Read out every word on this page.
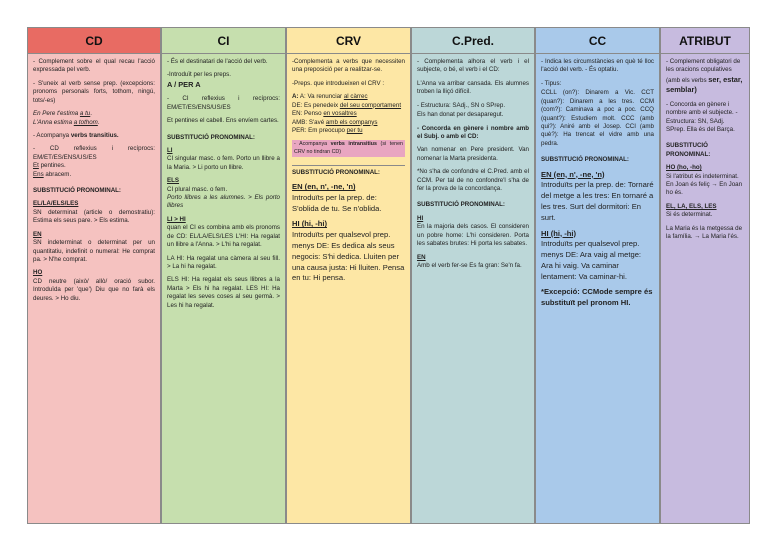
CD

- Complement sobre el qual recau l'acció expressada pel verb.

- S'uneix al verb sense prep. (excepcions: pronoms personals forts, tothom, ningú, tots/-es)

En Pere t'estima a tu.
L'Anna estima a tothom.

- Acompanya verbs transitius.

- CD reflexius i recíprocs: EM/ET/ES/ENS/US/ES
Et pentines.
Ens abracem.

SUBSTITUCIÓ PRONOMINAL:

EL/LA/ELS/LES
SN determinat (article o demostratiu): Estima els seus pare. > Els estima.

EN
SN indeterminat o determinat per un quantitatiu, indefinit o numeral: He comprat pa. > N'he comprat.

HO
CD neutre (això/ allò/ oració subor. Introduïda per 'que') Diu que no farà els deures. > Ho diu.

CI

- És el destinatari de l'acció del verb.

-Introduït per les preps.
A / PER A

- CI reflexius i recíprocs: EM/ET/ES/ENS/US/ES

Et pentines el cabell. Ens envíem cartes.

SUBSTITUCIÓ PRONOMINAL:

LI
CI singular masc. o fem. Porto un llibre a la Maria. > Li porto un llibre.

ELS
CI plural masc. o fem.
Porto llibres a les alumnes. > Els porto llibres

LI > HI
quan el CI es combina amb els pronoms de CD: EL/LA/ELS/LES L'HI: Ha regalat un llibre a l'Anna. > L'hi ha regalat.

LA HI: Ha regalat una càmera al seu fill. > La hi ha regalat.

ELS HI: Ha regalat els seus llibres a la Marta > Els hi ha regalat. LES HI: Ha regalat les seves coses al seu germà. > Les hi ha regalat.

CRV

-Complementa a verbs que necessiten una preposició per a realitzar-se.

-Preps. que introdueixen el CRV :

A: A: Va renunciar al càrrec
DE: Es penedeix del seu comportament
EN: Penso en vosaltres
AMB: S'avé amb els companys
PER: Em preocupo per tu

- Acompanya verbs intransitius (si tenen CRV no tindran CD)

SUBSTITUCIÓ PRONOMINAL:

EN (en, n', -ne, 'n)
Introduïts per la prep. de: S'oblida de tu. Se n'oblida.

HI (hi, -hi)
Introduïts per qualsevol prep. menys DE: Es dedica als seus negocis: S'hi dedica. Lluiten per una causa justa: Hi lluiten. Pensa en tu: Hi pensa.

C.Pred.

- Complementa alhora el verb i el subjecte, o bé, el verb i el CD:

L'Anna va arribar cansada. Els alumnes troben la lliçó difícil.

- Estructura: SAdj., SN o SPrep.

Els han donat per desaparegut.

- Concorda en gènere i nombre amb el Subj. o amb el CD:

Van nomenar en Pere president. Van nomenar la Marta presidenta.

*No s'ha de confondre el C.Pred. amb el CCM. Per tal de no confondre'l s'ha de fer la prova de la concordança.

SUBSTITUCIÓ PRONOMINAL:

HI
En la majoria dels casos. El consideren un pobre home: L'hi consideren. Porta les sabates brutes: Hi porta les sabates.

EN
Amb el verb fer-se Es fa gran: Se'n fa.

CC

- Indica les circumstàncies en què té lloc l'acció del verb. - És optatiu.

- Tipus:

CCLL (on?): Dinarem a Vic. CCT (quan?): Dinarem a les tres. CCM (com?): Caminava a poc a poc. CCQ (quant?): Estudiem molt. CCC (amb qui?): Aniré amb el Josep. CCI (amb què?): Ha trencat el vidre amb una pedra.

SUBSTITUCIÓ PRONOMINAL:

EN (en, n', -ne, 'n)
Introduïts per la prep. de: Tornaré del metge a les tres: En tornaré a les tres. Surt del dormitori: En surt.

HI (hi, -hi)
Introduïts per qualsevol prep. menys DE: Ara vaig al metge: Ara hi vaig. Va caminar lentament: Va caminar-hi.

*Excepció: CCMode sempre és substituït pel pronom HI.

ATRIBUT

- Complement obligatori de les oracions copulatives (amb els verbs ser, estar, semblar)

- Concorda en gènere i nombre amb el subjecte. - Estructura: SN, SAdj. SPrep. Ella és del Barça.

SUBSTITUCIÓ PRONOMINAL:

HO (ho, -ho)
Si l'atribut és indeterminat. En Joan és feliç → En Joan ho és.

EL, LA, ELS, LES
Si és determinat.

La Maria és la metgessa de la família. → La Maria l'és.
